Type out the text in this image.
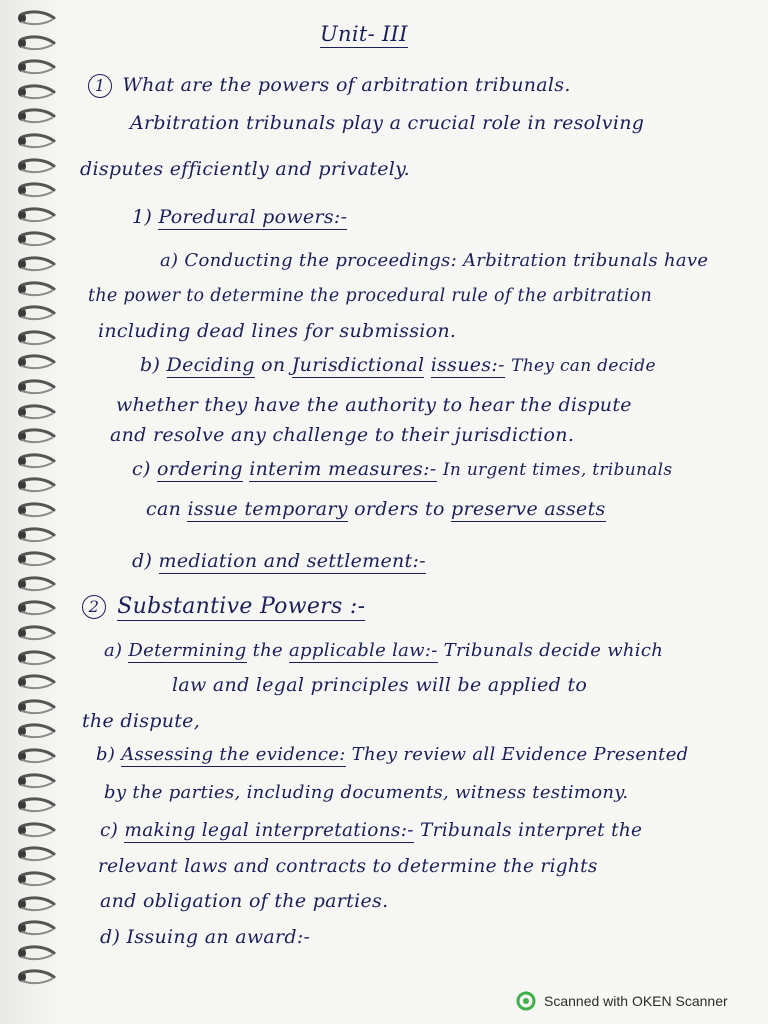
Unit- III
1 What are the powers of arbitration tribunals.
Arbitration tribunals play a crucial role in resolving
disputes efficiently and privately.
1) Poredural powers:-
a) Conducting the proceedings: Arbitration tribunals have
the power to determine the procedural rule of the arbitration
including dead lines for submission.
b) Deciding on Jurisdictional issues:- They can decide
whether they have the authority to hear the dispute
and resolve any challenge to their jurisdiction.
c) ordering interim measures:- In urgent times, tribunals
can issue temporary orders to preserve assets
d) mediation and settlement:-
2 Substantive Powers :-
a) Determining the applicable law:- Tribunals decide which
law and legal principles will be applied to
the dispute,
b) Assessing the evidence: They review all Evidence Presented
by the parties, including documents, witness testimony.
c) making legal interpretations:- Tribunals interpret the
relevant laws and contracts to determine the rights
and obligation of the parties.
d) Issuing an award:-
Scanned with OKEN Scanner
